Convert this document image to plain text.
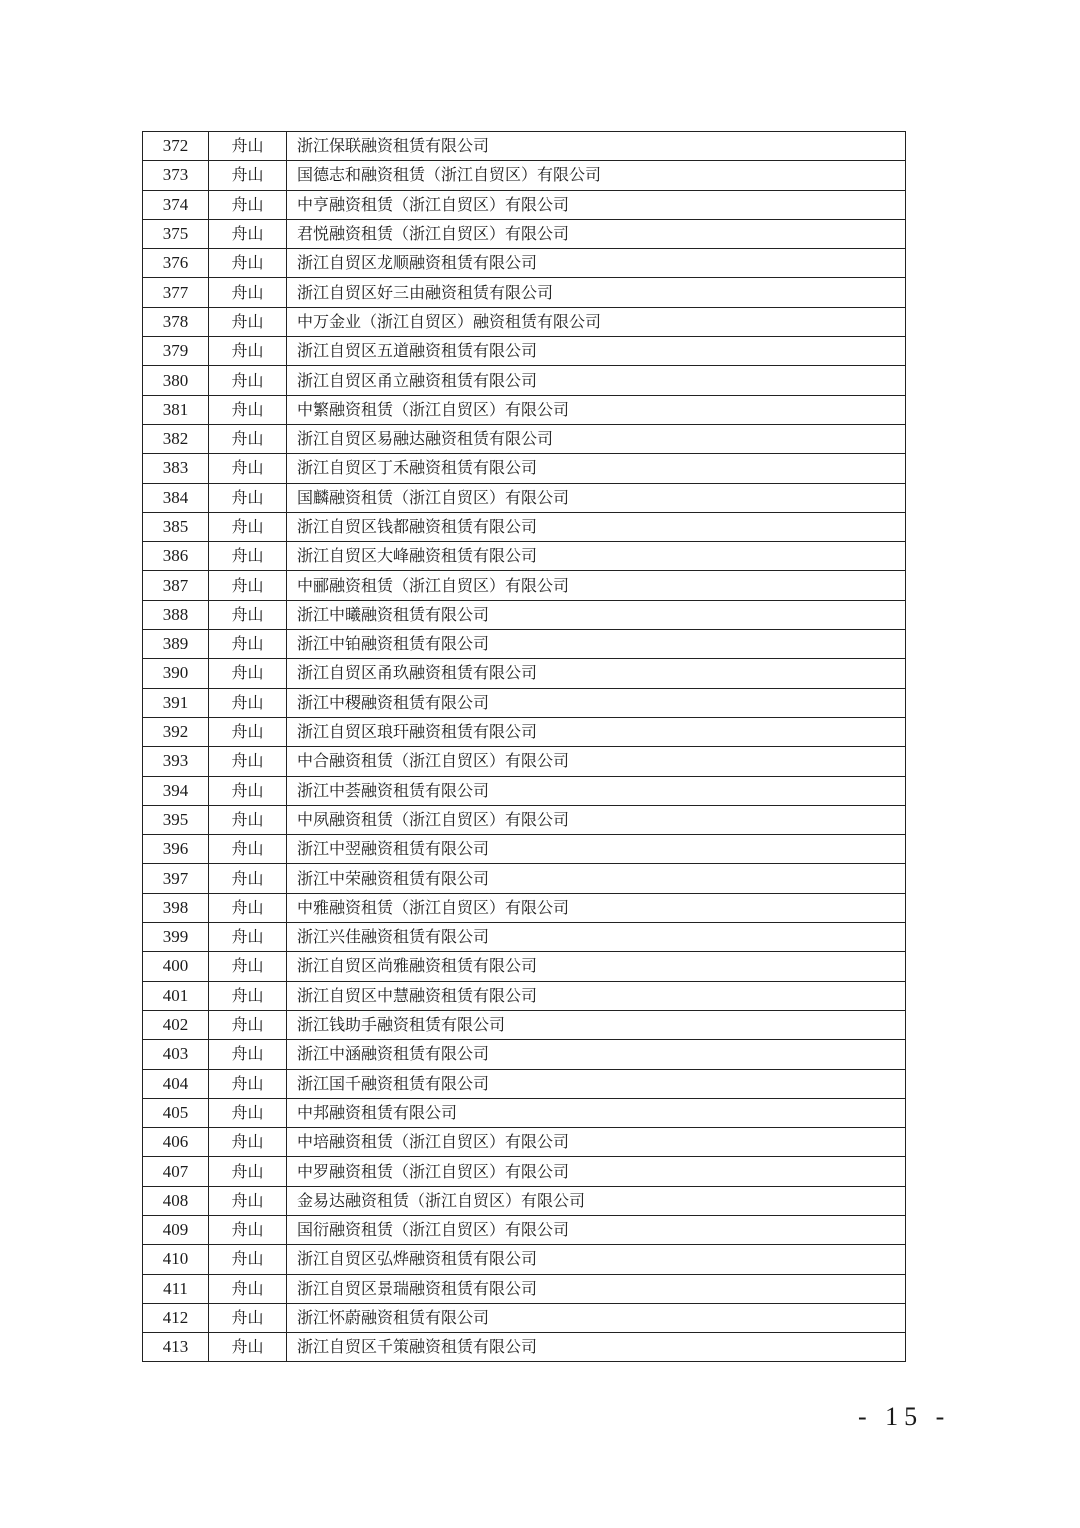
372	舟山	浙江保联融资租赁有限公司
373	舟山	国德志和融资租赁（浙江自贸区）有限公司
374	舟山	中亨融资租赁（浙江自贸区）有限公司
375	舟山	君悦融资租赁（浙江自贸区）有限公司
376	舟山	浙江自贸区龙顺融资租赁有限公司
377	舟山	浙江自贸区好三由融资租赁有限公司
378	舟山	中万金业（浙江自贸区）融资租赁有限公司
379	舟山	浙江自贸区五道融资租赁有限公司
380	舟山	浙江自贸区甬立融资租赁有限公司
381	舟山	中繁融资租赁（浙江自贸区）有限公司
382	舟山	浙江自贸区易融达融资租赁有限公司
383	舟山	浙江自贸区丁禾融资租赁有限公司
384	舟山	国麟融资租赁（浙江自贸区）有限公司
385	舟山	浙江自贸区钱都融资租赁有限公司
386	舟山	浙江自贸区大峰融资租赁有限公司
387	舟山	中郦融资租赁（浙江自贸区）有限公司
388	舟山	浙江中曦融资租赁有限公司
389	舟山	浙江中铂融资租赁有限公司
390	舟山	浙江自贸区甬玖融资租赁有限公司
391	舟山	浙江中稷融资租赁有限公司
392	舟山	浙江自贸区琅玕融资租赁有限公司
393	舟山	中合融资租赁（浙江自贸区）有限公司
394	舟山	浙江中荟融资租赁有限公司
395	舟山	中夙融资租赁（浙江自贸区）有限公司
396	舟山	浙江中翌融资租赁有限公司
397	舟山	浙江中荣融资租赁有限公司
398	舟山	中雅融资租赁（浙江自贸区）有限公司
399	舟山	浙江兴佳融资租赁有限公司
400	舟山	浙江自贸区尚雅融资租赁有限公司
401	舟山	浙江自贸区中慧融资租赁有限公司
402	舟山	浙江钱助手融资租赁有限公司
403	舟山	浙江中涵融资租赁有限公司
404	舟山	浙江国千融资租赁有限公司
405	舟山	中邦融资租赁有限公司
406	舟山	中培融资租赁（浙江自贸区）有限公司
407	舟山	中罗融资租赁（浙江自贸区）有限公司
408	舟山	金易达融资租赁（浙江自贸区）有限公司
409	舟山	国衍融资租赁（浙江自贸区）有限公司
410	舟山	浙江自贸区弘烨融资租赁有限公司
411	舟山	浙江自贸区景瑞融资租赁有限公司
412	舟山	浙江怀蔚融资租赁有限公司
413	舟山	浙江自贸区千策融资租赁有限公司
- 15 -
